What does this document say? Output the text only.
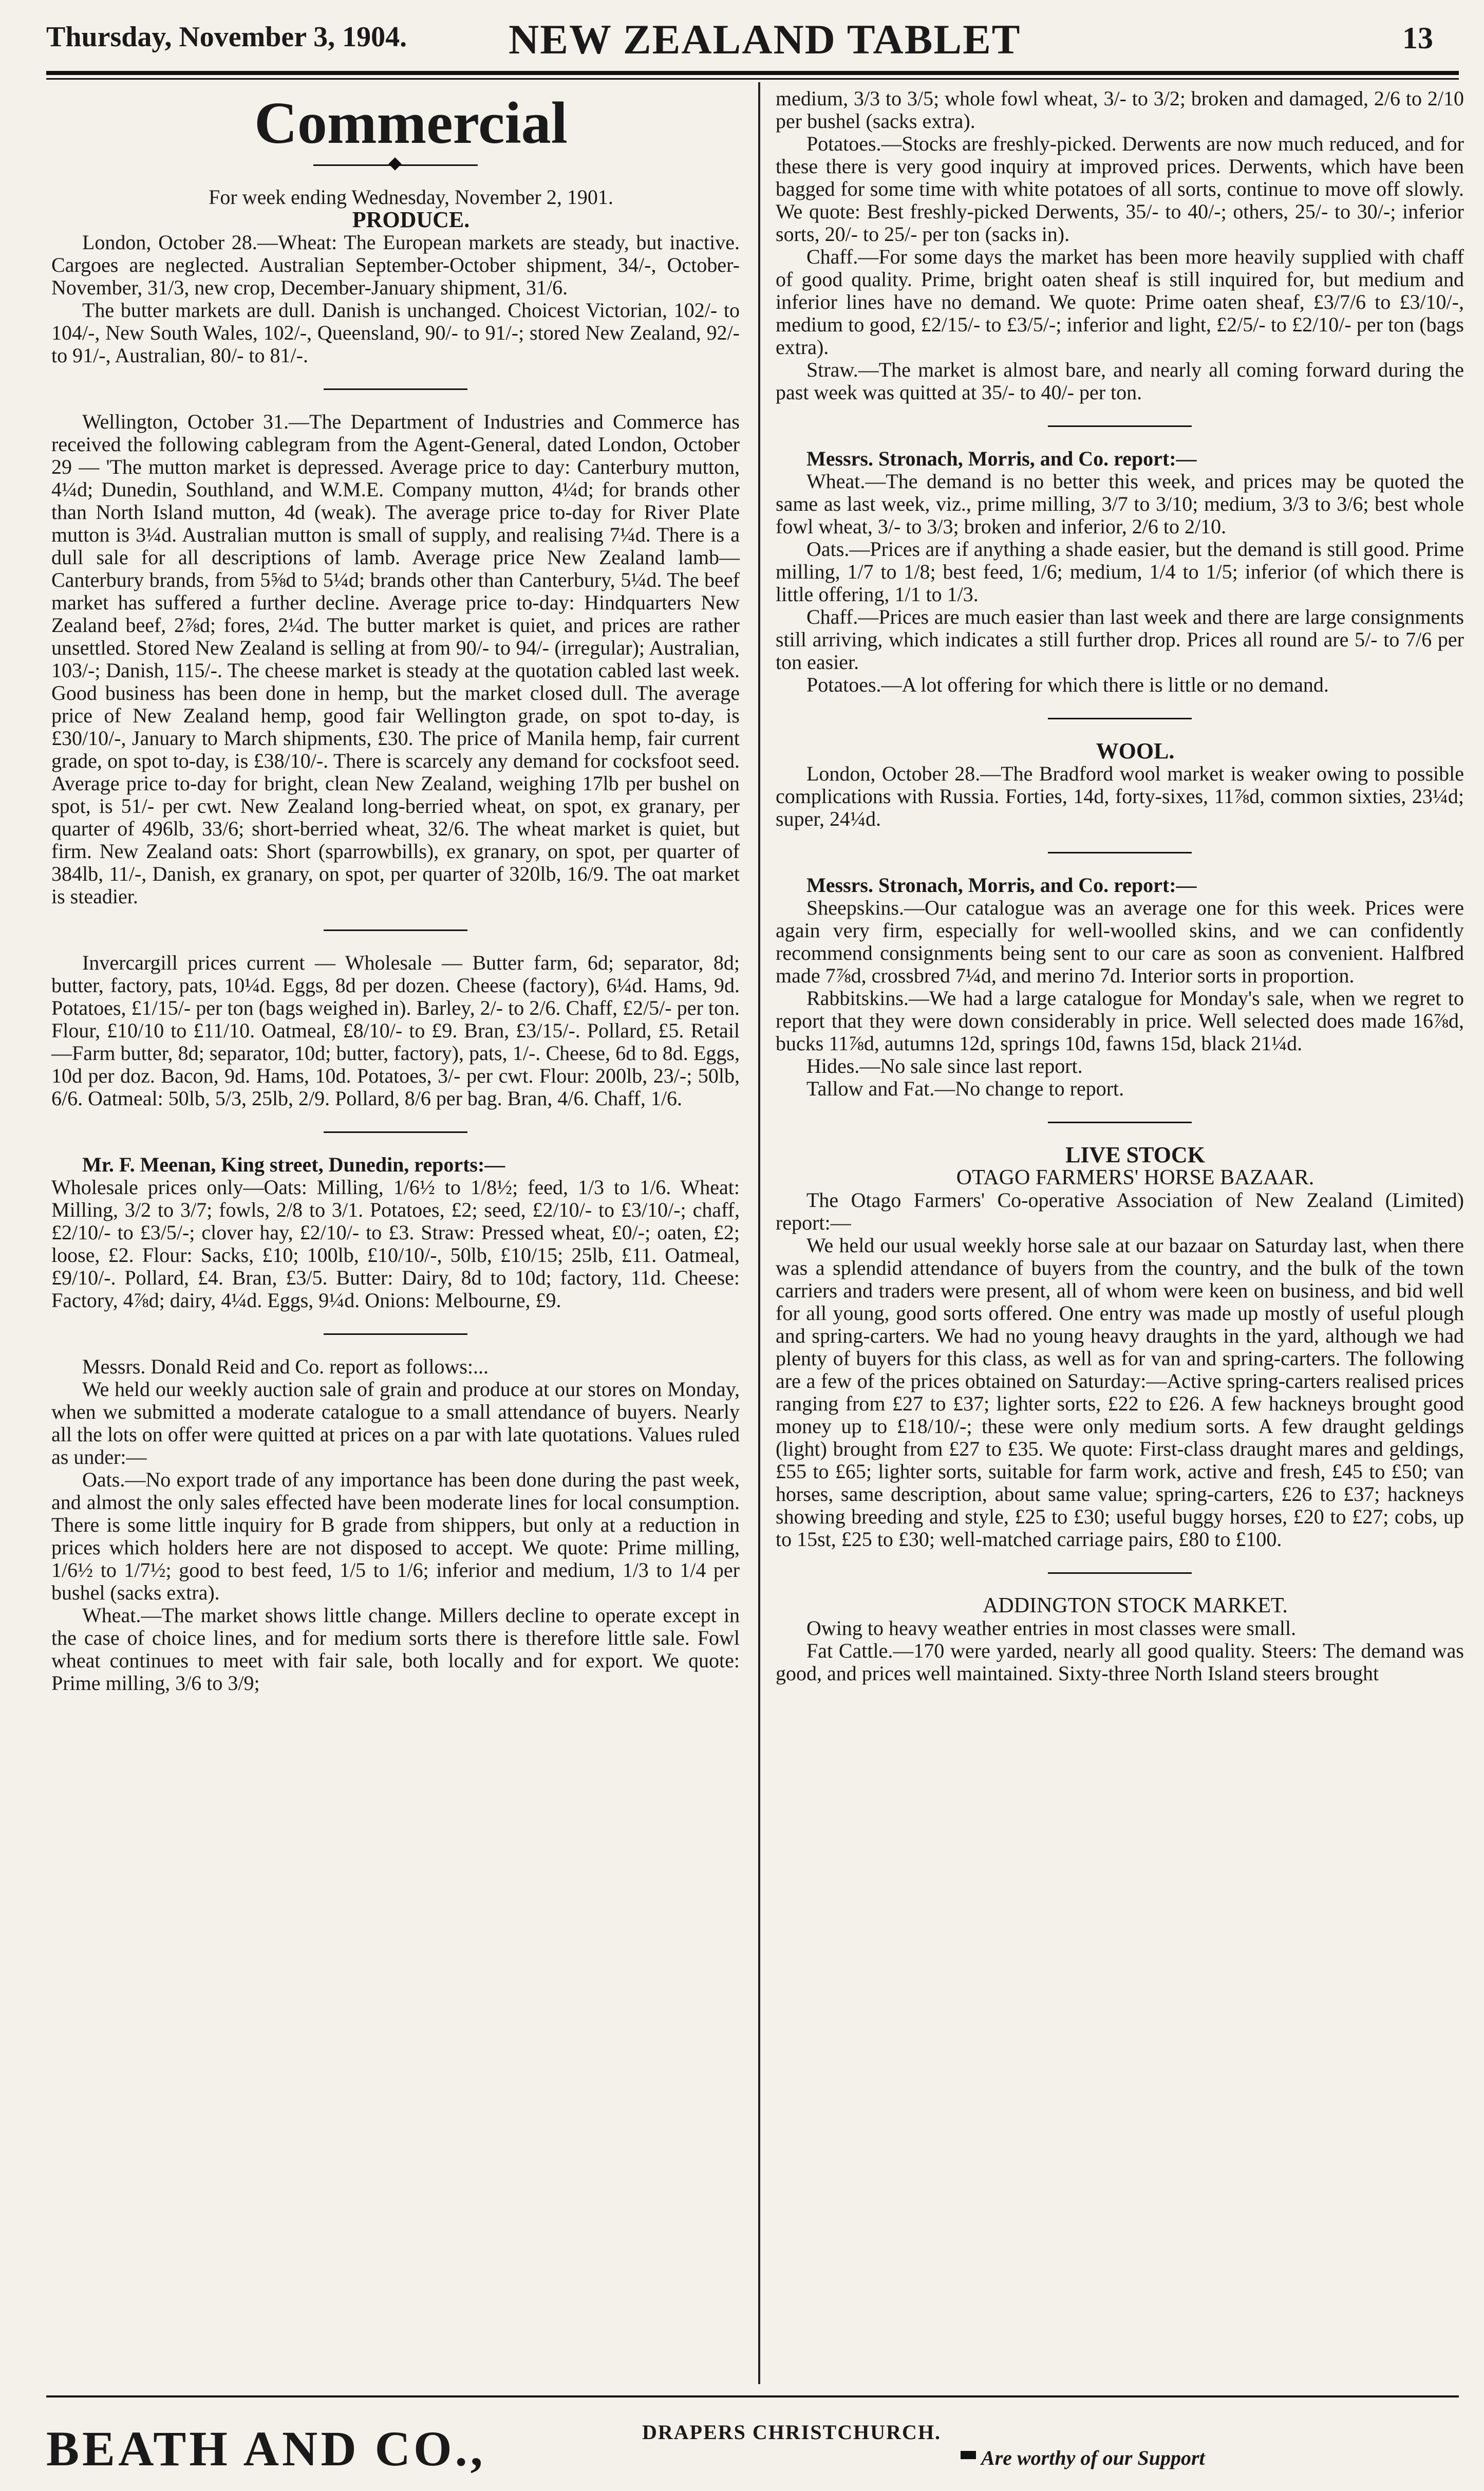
Thursday, November 3, 1904. NEW ZEALAND TABLET	13

Commercial

For week ending Wednesday, November 2, 1901.

PRODUCE.

London, October 28.—Wheat: The European markets are steady, but inactive. Cargoes are neglected. Australian September-October shipment, 34/-, October-November, 31/3, new crop, December-January shipment, 31/6.

The butter markets are dull. Danish is unchanged. Choicest Victorian, 102/- to 104/-, New South Wales, 102/-, Queensland, 90/- to 91/-; stored New Zealand, 92/- to 91/-, Australian, 80/- to 81/-.

Wellington, October 31.—The Department of Industries and Commerce has received the following cablegram from the Agent-General, dated London, October 29 — 'The mutton market is depressed. Average price to day: Canterbury mutton, 4¼d; Dunedin, Southland, and W.M.E. Company mutton, 4¼d; for brands other than North Island mutton, 4d (weak). The average price to-day for River Plate mutton is 3¼d. Australian mutton is small of supply, and realising 7¼d. There is a dull sale for all descriptions of lamb. Average price New Zealand lamb—Canterbury brands, from 5⅝d to 5¼d; brands other than Canterbury, 5¼d. The beef market has suffered a further decline. Average price to-day: Hindquarters New Zealand beef, 2⅞d; fores, 2¼d. The butter market is quiet, and prices are rather unsettled. Stored New Zealand is selling at from 90/- to 94/- (irregular); Australian, 103/-; Danish, 115/-. The cheese market is steady at the quotation cabled last week. Good business has been done in hemp, but the market closed dull. The average price of New Zealand hemp, good fair Wellington grade, on spot to-day, is £30/10/-, January to March shipments, £30. The price of Manila hemp, fair current grade, on spot to-day, is £38/10/-. There is scarcely any demand for cocksfoot seed. Average price to-day for bright, clean New Zealand, weighing 17lb per bushel on spot, is 51/- per cwt. New Zealand long-berried wheat, on spot, ex granary, per quarter of 496lb, 33/6; short-berried wheat, 32/6. The wheat market is quiet, but firm. New Zealand oats: Short (sparrowbills), ex granary, on spot, per quarter of 384lb, 11/-, Danish, ex granary, on spot, per quarter of 320lb, 16/9. The oat market is steadier.

Invercargill prices current — Wholesale — Butter farm, 6d; separator, 8d; butter, factory, pats, 10¼d. Eggs, 8d per dozen. Cheese (factory), 6¼d. Hams, 9d. Potatoes, £1/15/- per ton (bags weighed in). Barley, 2/- to 2/6. Chaff, £2/5/- per ton. Flour, £10/10 to £11/10. Oatmeal, £8/10/- to £9. Bran, £3/15/-. Pollard, £5. Retail—Farm butter, 8d; separator, 10d; butter, factory), pats, 1/-. Cheese, 6d to 8d. Eggs, 10d per doz. Bacon, 9d. Hams, 10d. Potatoes, 3/- per cwt. Flour: 200lb, 23/-; 50lb, 6/6. Oatmeal: 50lb, 5/3, 25lb, 2/9. Pollard, 8/6 per bag. Bran, 4/6. Chaff, 1/6.

Mr. F. Meenan, King street, Dunedin, reports:—

Wholesale prices only—Oats: Milling, 1/6½ to 1/8½; feed, 1/3 to 1/6. Wheat: Milling, 3/2 to 3/7; fowls, 2/8 to 3/1. Potatoes, £2; seed, £2/10/- to £3/10/-; chaff, £2/10/- to £3/5/-; clover hay, £2/10/- to £3. Straw: Pressed wheat, £0/-; oaten, £2; loose, £2. Flour: Sacks, £10; 100lb, £10/10/-, 50lb, £10/15; 25lb, £11. Oatmeal, £9/10/-. Pollard, £4. Bran, £3/5. Butter: Dairy, 8d to 10d; factory, 11d. Cheese: Factory, 4⅞d; dairy, 4¼d. Eggs, 9¼d. Onions: Melbourne, £9.

Messrs. Donald Reid and Co. report as follows:...

We held our weekly auction sale of grain and produce at our stores on Monday, when we submitted a moderate catalogue to a small attendance of buyers. Nearly all the lots on offer were quitted at prices on a par with late quotations. Values ruled as under:—

Oats.—No export trade of any importance has been done during the past week, and almost the only sales effected have been moderate lines for local consumption. There is some little inquiry for B grade from shippers, but only at a reduction in prices which holders here are not disposed to accept. We quote: Prime milling, 1/6½ to 1/7½; good to best feed, 1/5 to 1/6; inferior and medium, 1/3 to 1/4 per bushel (sacks extra).

Wheat.—The market shows little change. Millers decline to operate except in the case of choice lines, and for medium sorts there is therefore little sale. Fowl wheat continues to meet with fair sale, both locally and for export. We quote: Prime milling, 3/6 to 3/9;

medium, 3/3 to 3/5; whole fowl wheat, 3/- to 3/2; broken and damaged, 2/6 to 2/10 per bushel (sacks extra).

Potatoes.—Stocks are freshly-picked. Derwents are now much reduced, and for these there is very good inquiry at improved prices. Derwents, which have been bagged for some time with white potatoes of all sorts, continue to move off slowly. We quote: Best freshly-picked Derwents, 35/- to 40/-; others, 25/- to 30/-; inferior sorts, 20/- to 25/- per ton (sacks in).

Chaff.—For some days the market has been more heavily supplied with chaff of good quality. Prime, bright oaten sheaf is still inquired for, but medium and inferior lines have no demand. We quote: Prime oaten sheaf, £3/7/6 to £3/10/-, medium to good, £2/15/- to £3/5/-; inferior and light, £2/5/- to £2/10/- per ton (bags extra).

Straw.—The market is almost bare, and nearly all coming forward during the past week was quitted at 35/- to 40/- per ton.

Messrs. Stronach, Morris, and Co. report:—

Wheat.—The demand is no better this week, and prices may be quoted the same as last week, viz., prime milling, 3/7 to 3/10; medium, 3/3 to 3/6; best whole fowl wheat, 3/- to 3/3; broken and inferior, 2/6 to 2/10.

Oats.—Prices are if anything a shade easier, but the demand is still good. Prime milling, 1/7 to 1/8; best feed, 1/6; medium, 1/4 to 1/5; inferior (of which there is little offering, 1/1 to 1/3.

Chaff.—Prices are much easier than last week and there are large consignments still arriving, which indicates a still further drop. Prices all round are 5/- to 7/6 per ton easier.

Potatoes.—A lot offering for which there is little or no demand.

WOOL.

London, October 28.—The Bradford wool market is weaker owing to possible complications with Russia. Forties, 14d, forty-sixes, 11⅞d, common sixties, 23¼d; super, 24¼d.

Messrs. Stronach, Morris, and Co. report:—

Sheepskins.—Our catalogue was an average one for this week. Prices were again very firm, especially for well-woolled skins, and we can confidently recommend consignments being sent to our care as soon as convenient. Halfbred made 7⅞d, crossbred 7¼d, and merino 7d. Interior sorts in proportion.

Rabbitskins.—We had a large catalogue for Monday's sale, when we regret to report that they were down considerably in price. Well selected does made 16⅞d, bucks 11⅞d, autumns 12d, springs 10d, fawns 15d, black 21¼d.

Hides.—No sale since last report.

Tallow and Fat.—No change to report.

LIVE STOCK

OTAGO FARMERS' HORSE BAZAAR.

The Otago Farmers' Co-operative Association of New Zealand (Limited) report:—

We held our usual weekly horse sale at our bazaar on Saturday last, when there was a splendid attendance of buyers from the country, and the bulk of the town carriers and traders were present, all of whom were keen on business, and bid well for all young, good sorts offered. One entry was made up mostly of useful plough and spring-carters. We had no young heavy draughts in the yard, although we had plenty of buyers for this class, as well as for van and spring-carters. The following are a few of the prices obtained on Saturday:—Active spring-carters realised prices ranging from £27 to £37; lighter sorts, £22 to £26. A few hackneys brought good money up to £18/10/-; these were only medium sorts. A few draught geldings (light) brought from £27 to £35. We quote: First-class draught mares and geldings, £55 to £65; lighter sorts, suitable for farm work, active and fresh, £45 to £50; van horses, same description, about same value; spring-carters, £26 to £37; hackneys showing breeding and style, £25 to £30; useful buggy horses, £20 to £27; cobs, up to 15st, £25 to £30; well-matched carriage pairs, £80 to £100.

ADDINGTON STOCK MARKET.

Owing to heavy weather entries in most classes were small.

Fat Cattle.—170 were yarded, nearly all good quality. Steers: The demand was good, and prices well maintained. Sixty-three North Island steers brought

BEATH AND CO.,	DRAPERS CHRISTCHURCH.
Are worthy of our Support
